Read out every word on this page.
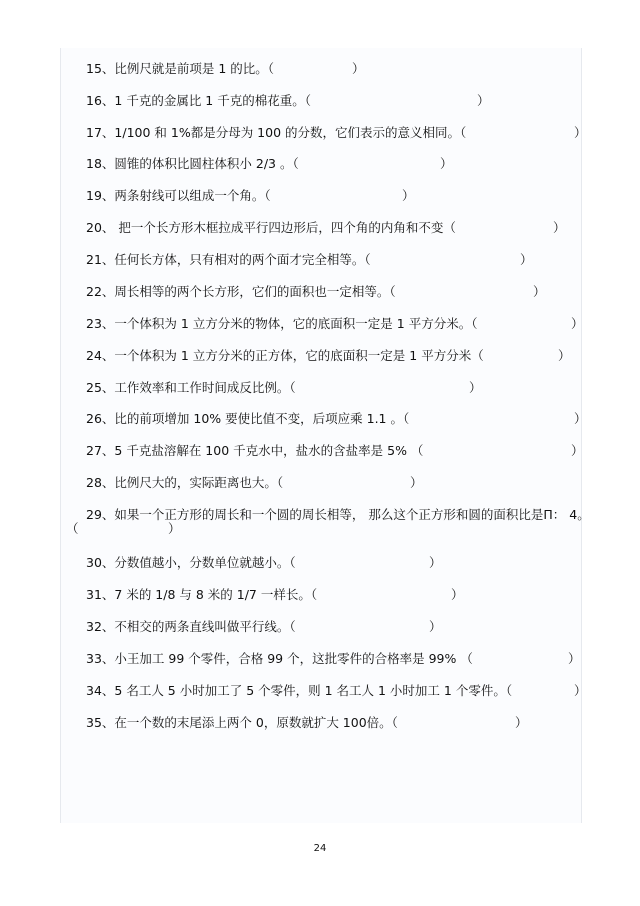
15、比例尺就是前项是 1 的比。（	）
16、1 千克的金属比 1 千克的棉花重。（	）
17、1/100 和 1%都是分母为 100 的分数，它们表示的意义相同。（	）
18、圆锥的体积比圆柱体积小 2/3 。（	）
19、两条射线可以组成一个角。（	）
20、 把一个长方形木框拉成平行四边形后，四个角的内角和不变（	）
21、任何长方体，只有相对的两个面才完全相等。（	）
22、周长相等的两个长方形，它们的面积也一定相等。（	）
23、一个体积为 1 立方分米的物体，它的底面积一定是 1 平方分米。（	）
24、一个体积为 1 立方分米的正方体，它的底面积一定是 1 平方分米（	）
25、工作效率和工作时间成反比例。（	）
26、比的前项增加 10% 要使比值不变，后项应乘 1.1 。（	）
27、5 千克盐溶解在 100 千克水中，盐水的含盐率是 5% （	）
28、比例尺大的，实际距离也大。（	）
29、如果一个正方形的周长和一个圆的周长相等， 那么这个正方形和圆的面积比是Π： 4。
（	）
30、分数值越小，分数单位就越小。（	）
31、7 米的 1/8 与 8 米的 1/7 一样长。（	）
32、不相交的两条直线叫做平行线。（	）
33、小王加工 99 个零件，合格 99 个，这批零件的合格率是 99% （	）
34、5 名工人 5 小时加工了 5 个零件，则 1 名工人 1 小时加工 1 个零件。（	）
35、在一个数的末尾添上两个 0，原数就扩大 100倍。（	）
24
